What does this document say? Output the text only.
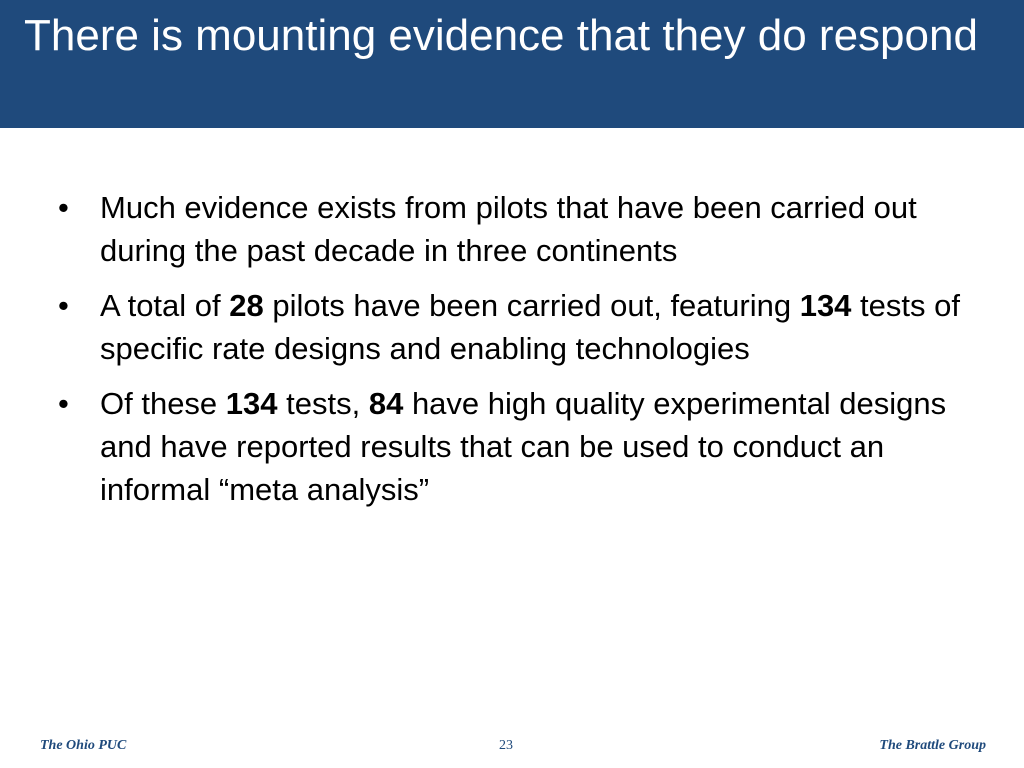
There is mounting evidence that they do respond
• Much evidence exists from pilots that have been carried out during the past decade in three continents
• A total of 28 pilots have been carried out, featuring 134 tests of specific rate designs and enabling technologies
• Of these 134 tests, 84 have high quality experimental designs and have reported results that can be used to conduct an informal “meta analysis”
The Ohio PUC	23	The Brattle Group
